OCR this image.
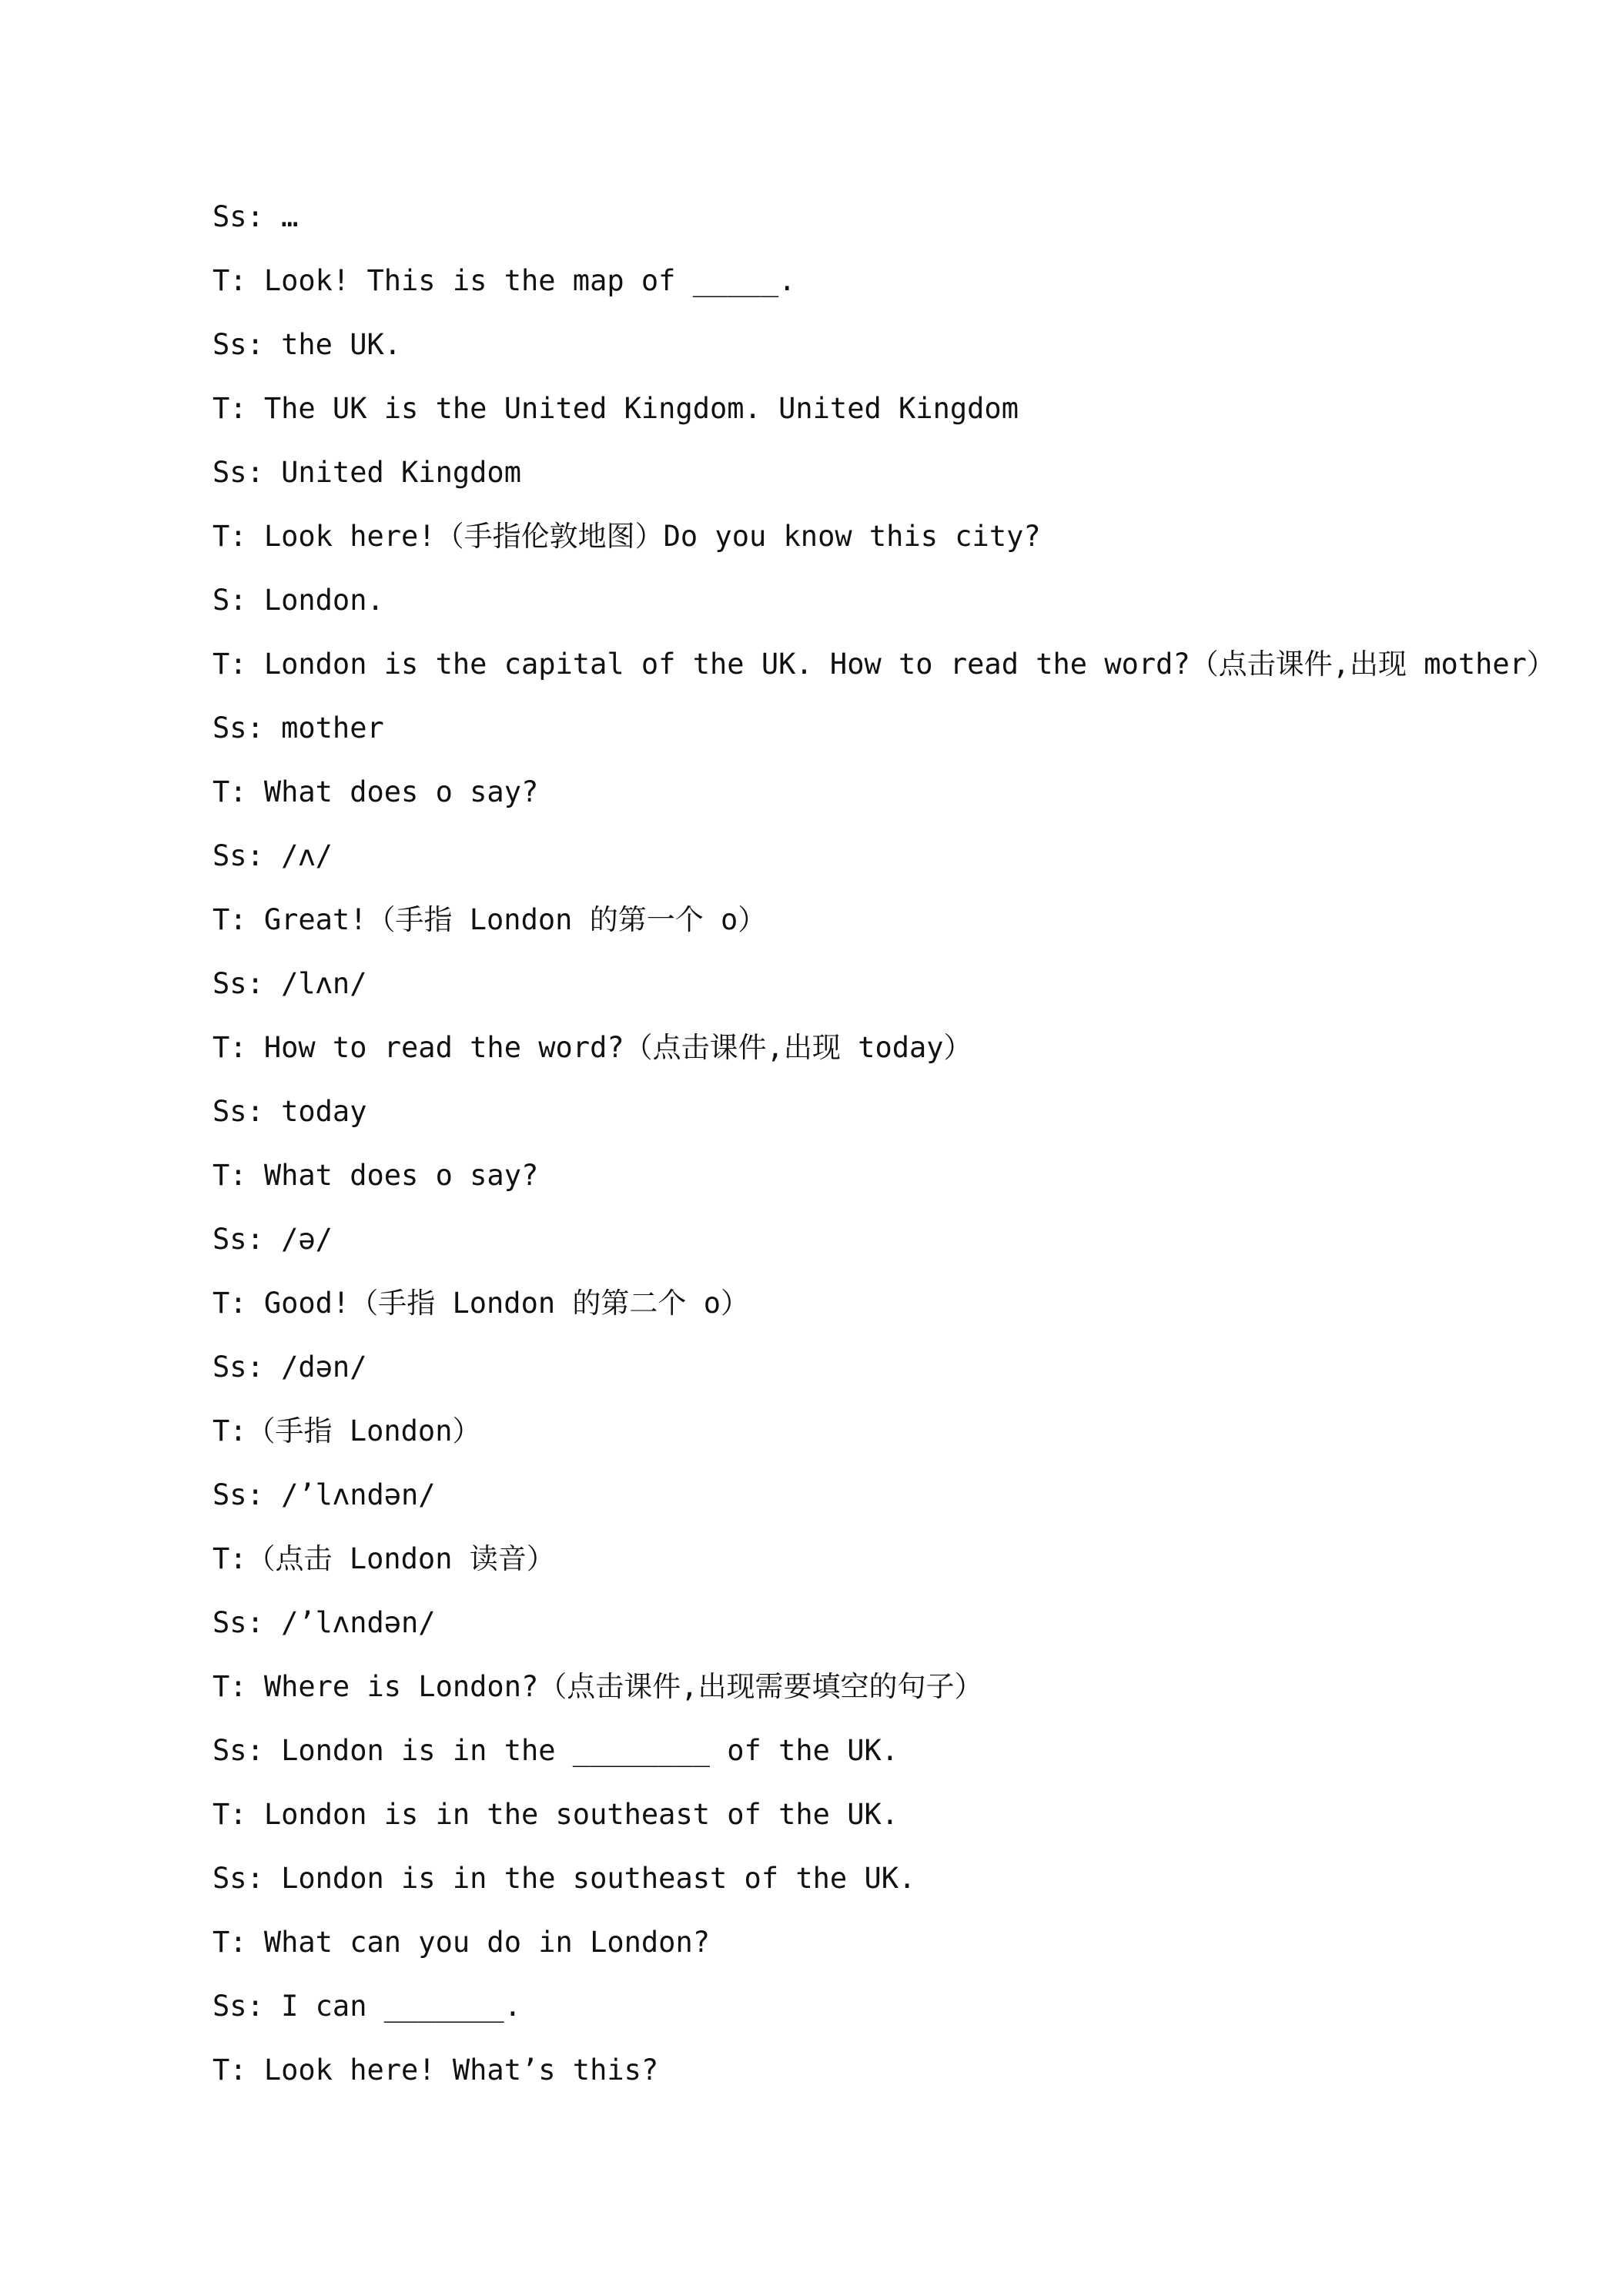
Ss: …
T: Look! This is the map of _____.
Ss: the UK.
T: The UK is the United Kingdom. United Kingdom
Ss: United Kingdom
T: Look here!（手指伦敦地图）Do you know this city?
S: London.
T: London is the capital of the UK. How to read the word?（点击课件,出现 mother）
Ss: mother
T: What does o say?
Ss: /ʌ/
T: Great!（手指 London 的第一个 o）
Ss: /lʌn/
T: How to read the word?（点击课件,出现 today）
Ss: today
T: What does o say?
Ss: /ə/
T: Good!（手指 London 的第二个 o）
Ss: /dən/
T:（手指 London）
Ss: /’lʌndən/
T:（点击 London 读音）
Ss: /’lʌndən/
T: Where is London?（点击课件,出现需要填空的句子）
Ss: London is in the ________ of the UK.
T: London is in the southeast of the UK.
Ss: London is in the southeast of the UK.
T: What can you do in London?
Ss: I can _______.
T: Look here! What’s this?
